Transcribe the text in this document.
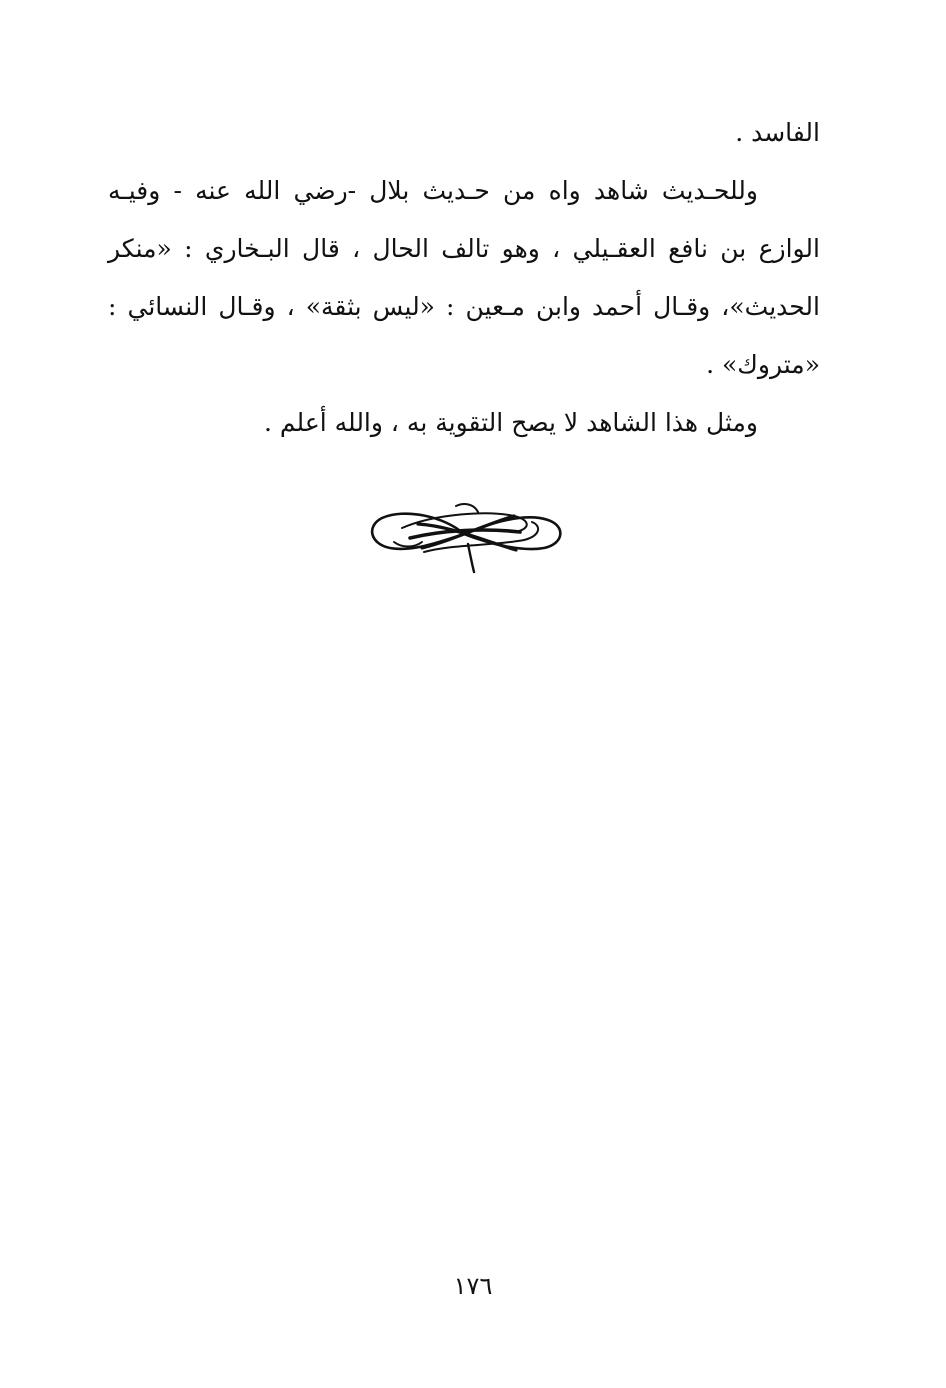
الفاسد .
وللحـديث شاهد واه من حـديث بلال -رضي الله عنه - وفيـه
الوازع بن نافع العقـيلي ، وهو تالف الحال ، قال البـخاري : «منكر
الحديث»، وقـال أحمد وابن مـعين : «ليس بثقة» ، وقـال النسائي :
«متروك» .
ومثل هذا الشاهد لا يصح التقوية به ، والله أعلم .
١٧٦
